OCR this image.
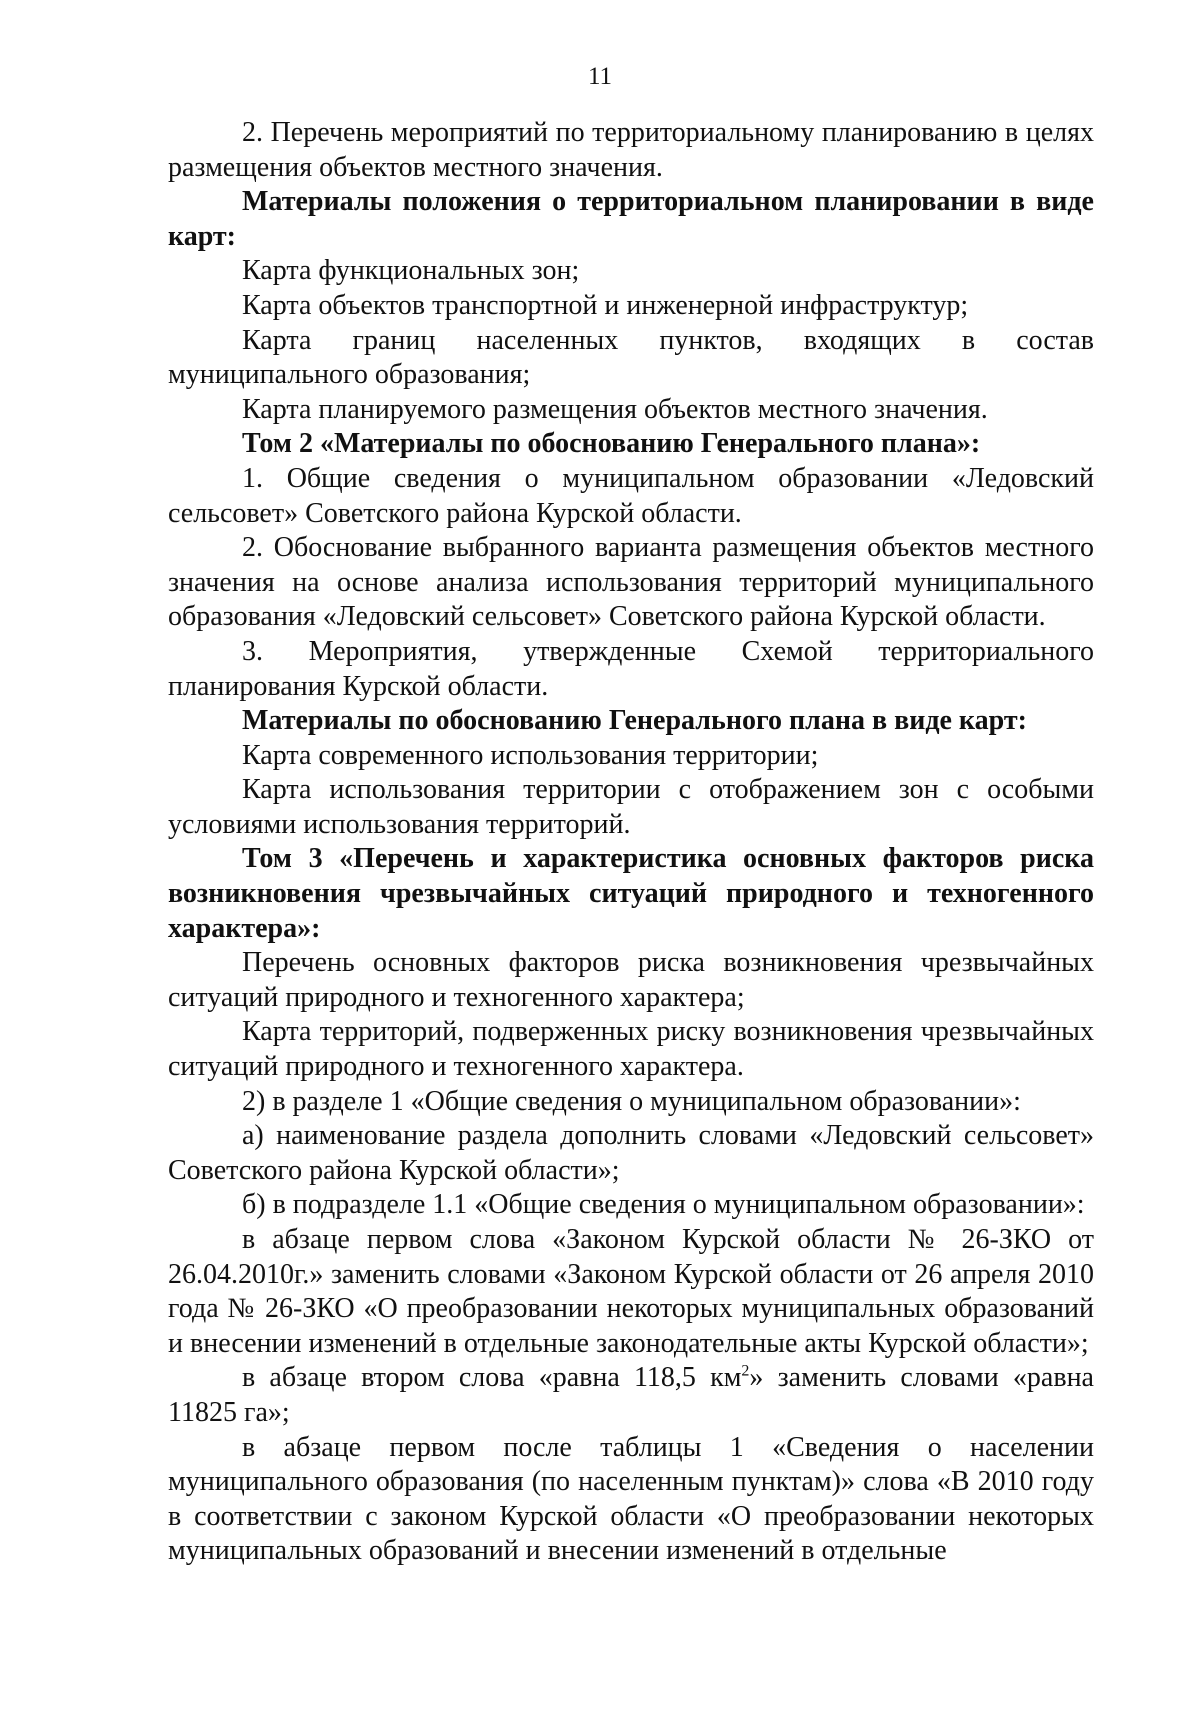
11

2. Перечень мероприятий по территориальному планированию в целях размещения объектов местного значения.

Материалы положения о территориальном планировании в виде карт:

Карта функциональных зон;

Карта объектов транспортной и инженерной инфраструктур;

Карта границ населенных пунктов, входящих в состав муниципального образования;

Карта планируемого размещения объектов местного значения.

Том 2 «Материалы по обоснованию Генерального плана»:

1. Общие сведения о муниципальном образовании «Ледовский сельсовет» Советского района Курской области.

2. Обоснование выбранного варианта размещения объектов местного значения на основе анализа использования территорий муниципального образования «Ледовский сельсовет» Советского района Курской области.

3. Мероприятия, утвержденные Схемой территориального планирования Курской области.

Материалы по обоснованию Генерального плана в виде карт:

Карта современного использования территории;

Карта использования территории с отображением зон с особыми условиями использования территорий.

Том 3 «Перечень и характеристика основных факторов риска возникновения чрезвычайных ситуаций природного и техногенного характера»:

Перечень основных факторов риска возникновения чрезвычайных ситуаций природного и техногенного характера;

Карта территорий, подверженных риску возникновения чрезвычайных ситуаций природного и техногенного характера.

2) в разделе 1 «Общие сведения о муниципальном образовании»:

а) наименование раздела дополнить словами «Ледовский сельсовет» Советского района Курской области»;

б) в подразделе 1.1 «Общие сведения о муниципальном образовании»:

в абзаце первом слова «Законом Курской области № 26-ЗКО от 26.04.2010г.» заменить словами «Законом Курской области от 26 апреля 2010 года № 26-ЗКО «О преобразовании некоторых муниципальных образований и внесении изменений в отдельные законодательные акты Курской области»;

в абзаце втором слова «равна 118,5 $км^2$» заменить словами «равна 11825 га»;

в абзаце первом после таблицы 1 «Сведения о населении муниципального образования (по населенным пунктам)» слова «В 2010 году в соответствии с законом Курской области «О преобразовании некоторых муниципальных образований и внесении изменений в отдельные
